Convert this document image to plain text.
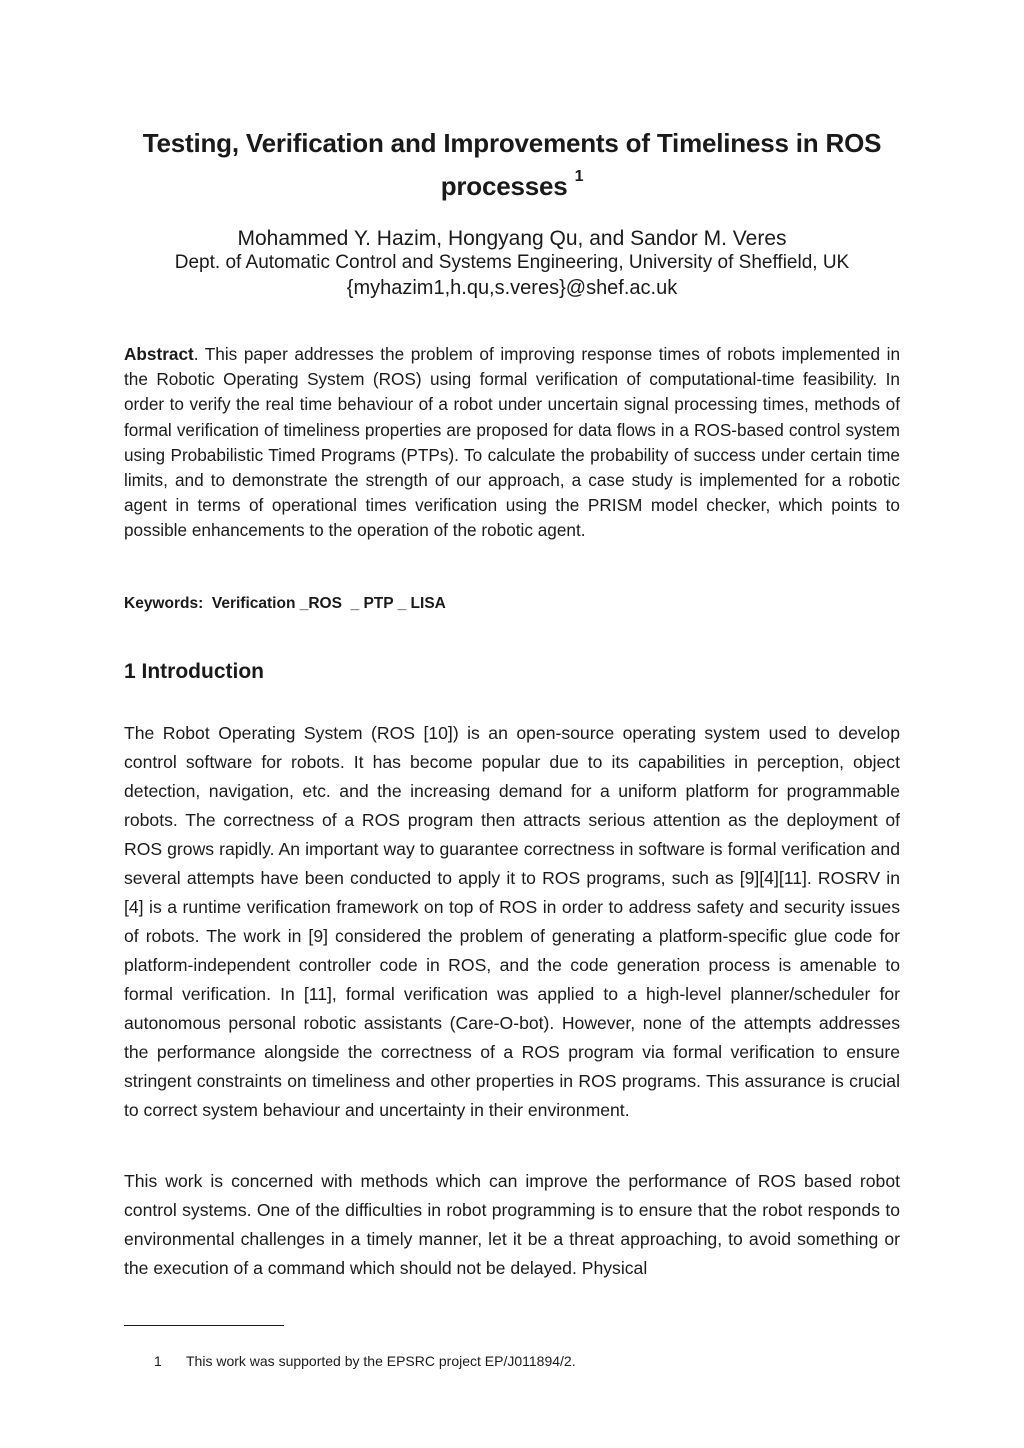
Testing, Verification and Improvements of Timeliness in ROS processes $^1$
Mohammed Y. Hazim, Hongyang Qu, and Sandor M. Veres
Dept. of Automatic Control and Systems Engineering, University of Sheffield, UK
{myhazim1,h.qu,s.veres}@shef.ac.uk

Abstract. This paper addresses the problem of improving response times of robots implemented in the Robotic Operating System (ROS) using formal verification of computational-time feasibility. In order to verify the real time behaviour of a robot under uncertain signal processing times, methods of formal verification of timeliness properties are proposed for data flows in a ROS-based control system using Probabilistic Timed Programs (PTPs). To calculate the probability of success under certain time limits, and to demonstrate the strength of our approach, a case study is implemented for a robotic agent in terms of operational times verification using the PRISM model checker, which points to possible enhancements to the operation of the robotic agent.

Keywords:  Verification _ROS  _ PTP _ LISA
1 Introduction

The Robot Operating System (ROS [10]) is an open-source operating system used to develop control software for robots. It has become popular due to its capabilities in perception, object detection, navigation, etc. and the increasing demand for a uniform platform for programmable robots. The correctness of a ROS program then attracts serious attention as the deployment of ROS grows rapidly. An important way to guarantee correctness in software is formal verification and several attempts have been conducted to apply it to ROS programs, such as [9][4][11]. ROSRV in [4] is a runtime verification framework on top of ROS in order to address safety and security issues of robots. The work in [9] considered the problem of generating a platform-specific glue code for platform-independent controller code in ROS, and the code generation process is amenable to formal verification. In [11], formal verification was applied to a high-level planner/scheduler for autonomous personal robotic assistants (Care-O-bot). However, none of the attempts addresses the performance alongside the correctness of a ROS program via formal verification to ensure stringent constraints on timeliness and other properties in ROS programs. This assurance is crucial to correct system behaviour and uncertainty in their environment.

This work is concerned with methods which can improve the performance of ROS based robot control systems. One of the difficulties in robot programming is to ensure that the robot responds to environmental challenges in a timely manner, let it be a threat approaching, to avoid something or the execution of a command which should not be delayed. Physical

1 This work was supported by the EPSRC project EP/J011894/2.
